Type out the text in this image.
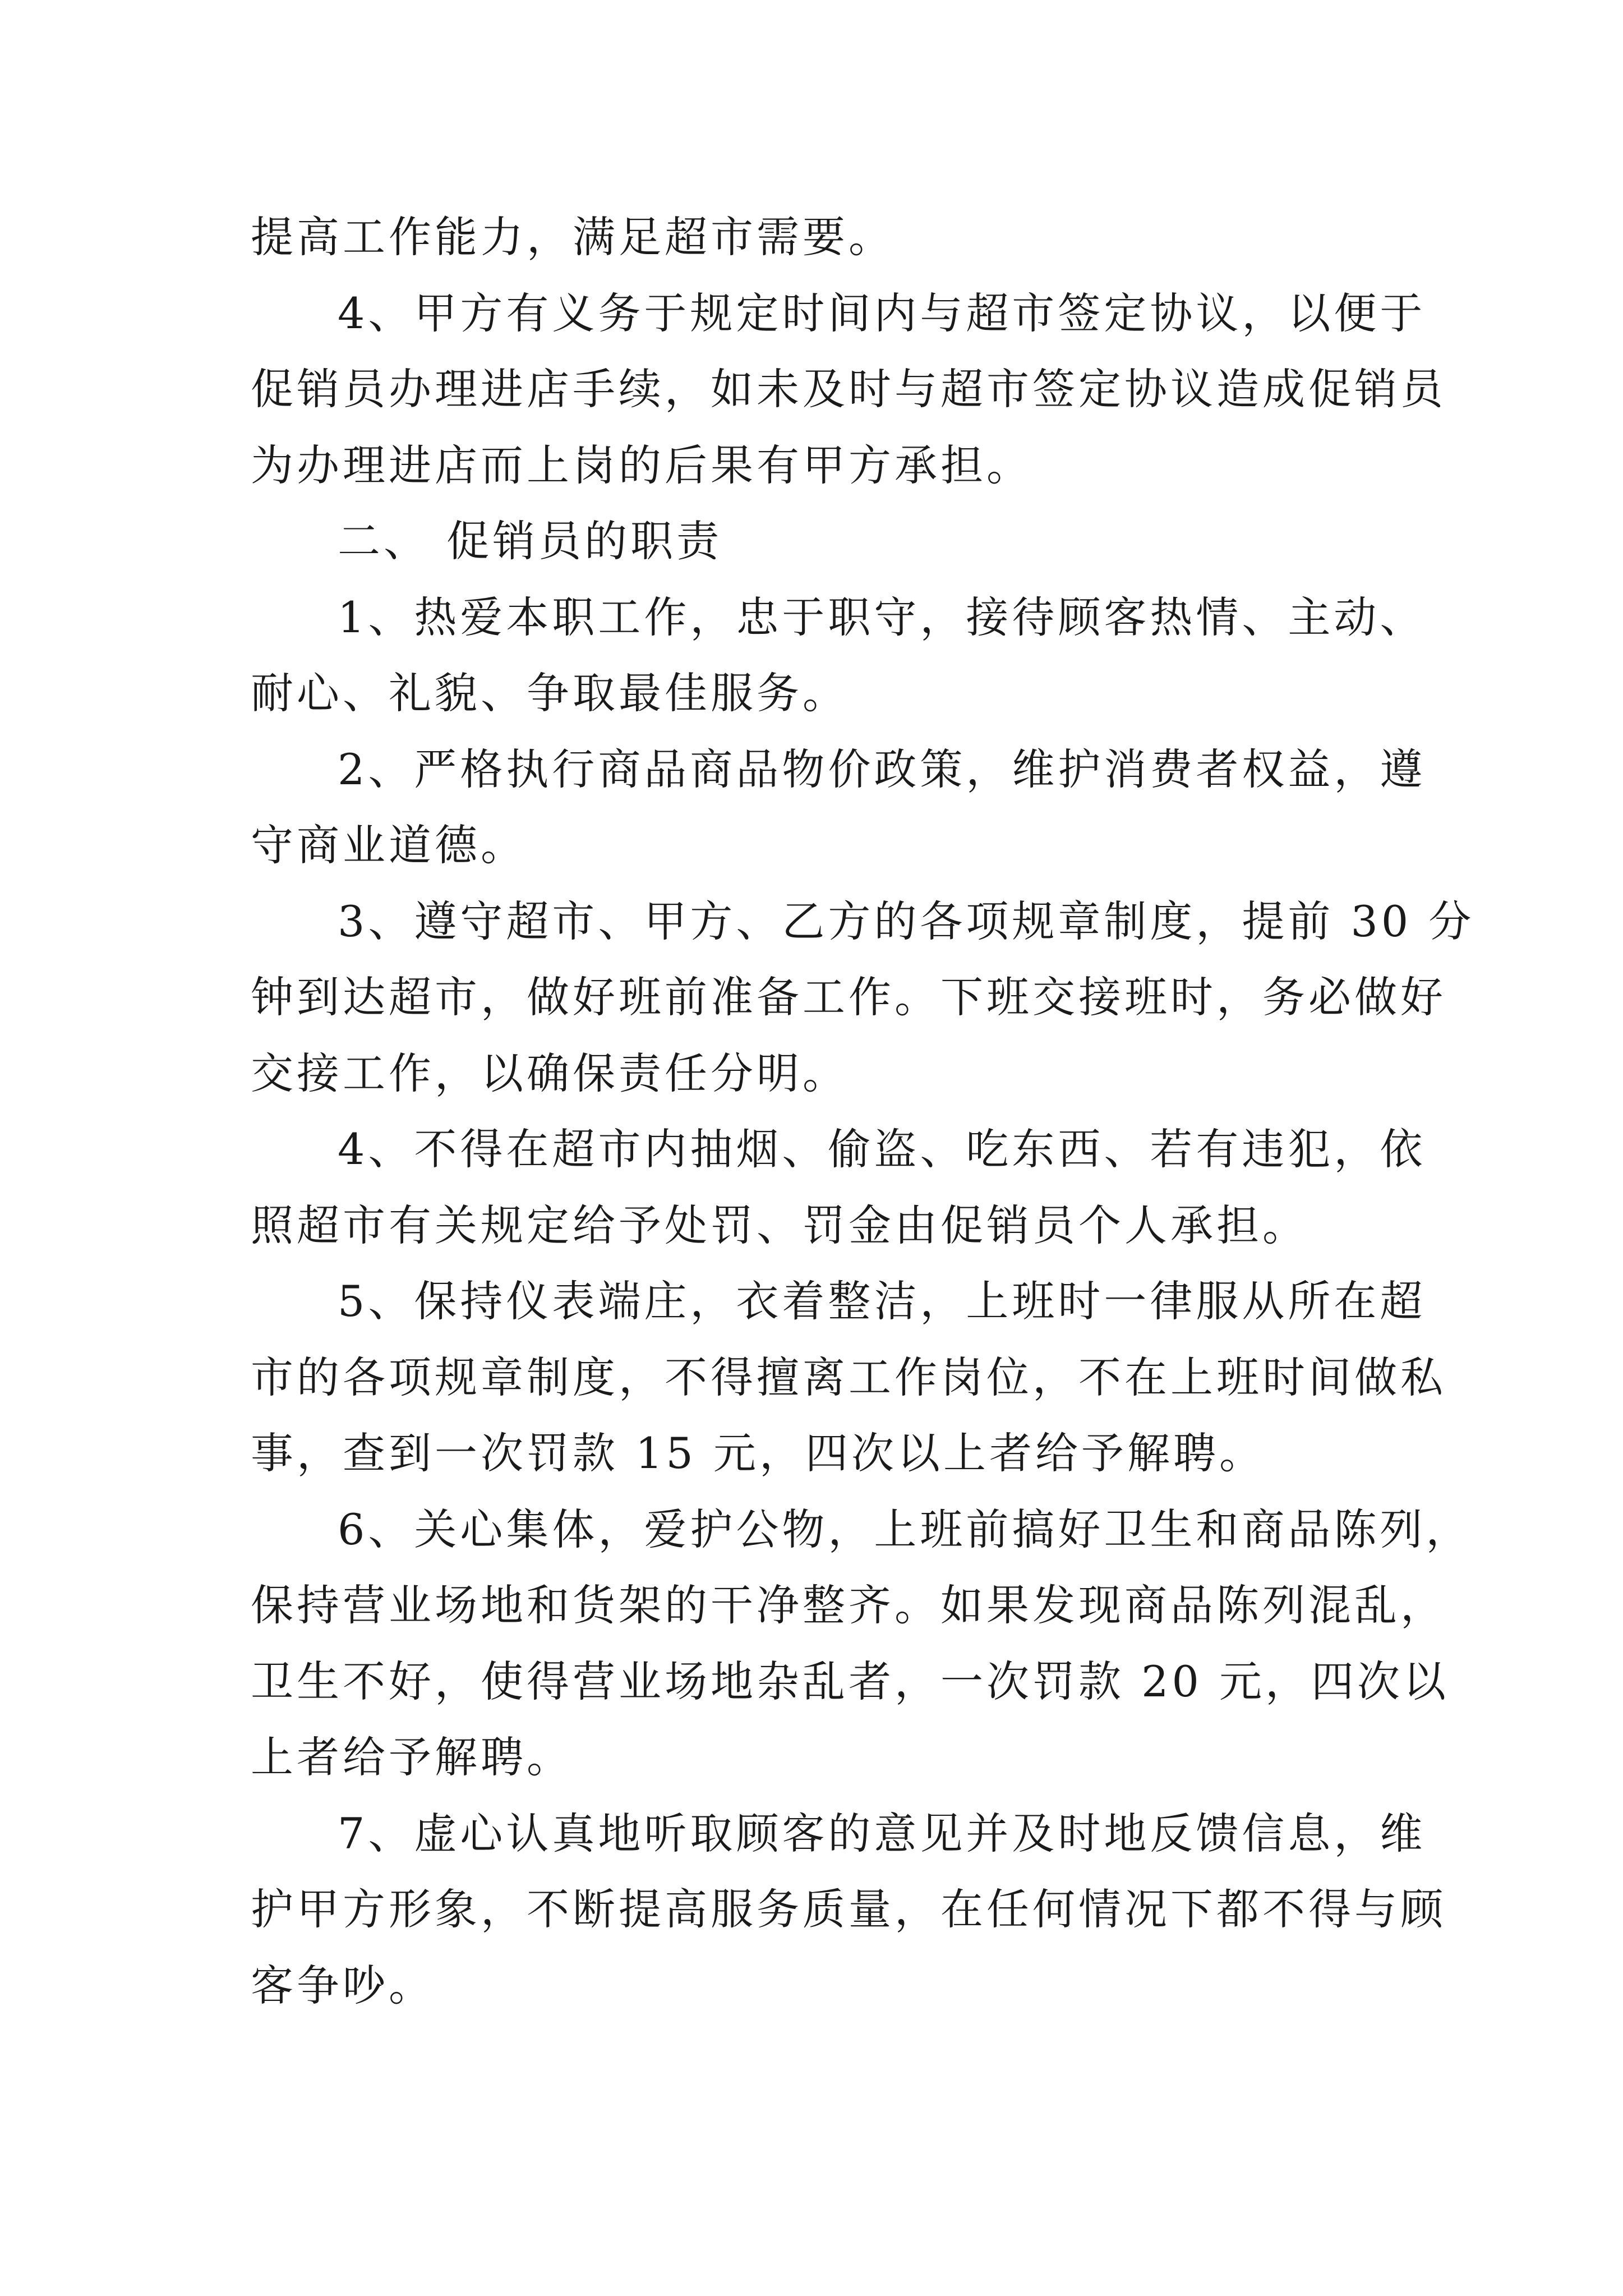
提高工作能力，满足超市需要。
4、甲方有义务于规定时间内与超市签定协议，以便于
促销员办理进店手续，如未及时与超市签定协议造成促销员
为办理进店而上岗的后果有甲方承担。
二、 促销员的职责
1、热爱本职工作，忠于职守，接待顾客热情、主动、
耐心、礼貌、争取最佳服务。
2、严格执行商品商品物价政策，维护消费者权益，遵
守商业道德。
3、遵守超市、甲方、乙方的各项规章制度，提前 30 分
钟到达超市，做好班前准备工作。下班交接班时，务必做好
交接工作，以确保责任分明。
4、不得在超市内抽烟、偷盗、吃东西、若有违犯，依
照超市有关规定给予处罚、罚金由促销员个人承担。
5、保持仪表端庄，衣着整洁，上班时一律服从所在超
市的各项规章制度，不得擅离工作岗位，不在上班时间做私
事，查到一次罚款 15 元，四次以上者给予解聘。
6、关心集体，爱护公物，上班前搞好卫生和商品陈列，
保持营业场地和货架的干净整齐。如果发现商品陈列混乱，
卫生不好，使得营业场地杂乱者，一次罚款 20 元，四次以
上者给予解聘。
7、虚心认真地听取顾客的意见并及时地反馈信息，维
护甲方形象，不断提高服务质量，在任何情况下都不得与顾
客争吵。
